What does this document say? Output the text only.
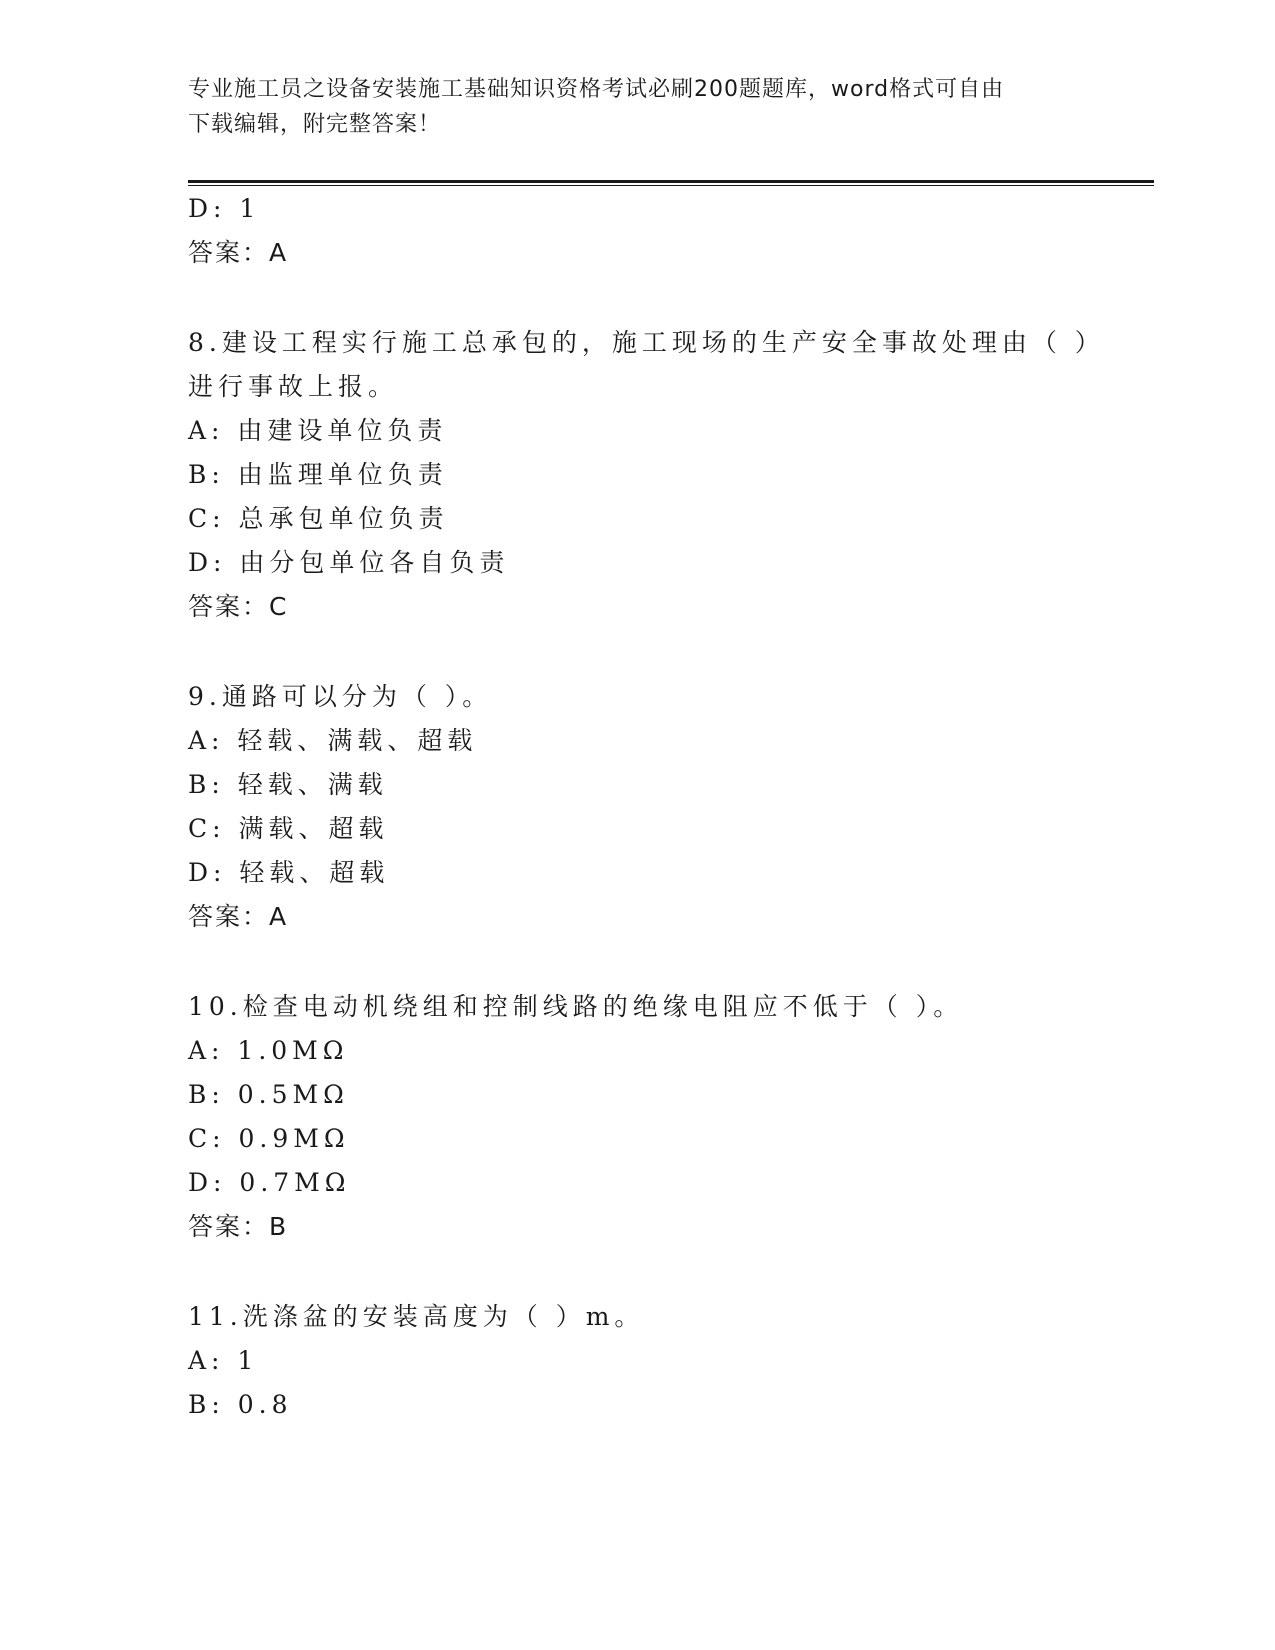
专业施工员之设备安装施工基础知识资格考试必刷200题题库，word格式可自由
下载编辑，附完整答案！
D: 1
答案：A
8.建设工程实行施工总承包的，施工现场的生产安全事故处理由（ ）
进行事故上报。
A: 由建设单位负责
B: 由监理单位负责
C: 总承包单位负责
D: 由分包单位各自负责
答案：C
9.通路可以分为（ ）。
A: 轻载、满载、超载
B: 轻载、满载
C: 满载、超载
D: 轻载、超载
答案：A
10.检查电动机绕组和控制线路的绝缘电阻应不低于（ ）。
A: 1.0MΩ
B: 0.5MΩ
C: 0.9MΩ
D: 0.7MΩ
答案：B
11.洗涤盆的安装高度为（ ）m。
A: 1
B: 0.8
